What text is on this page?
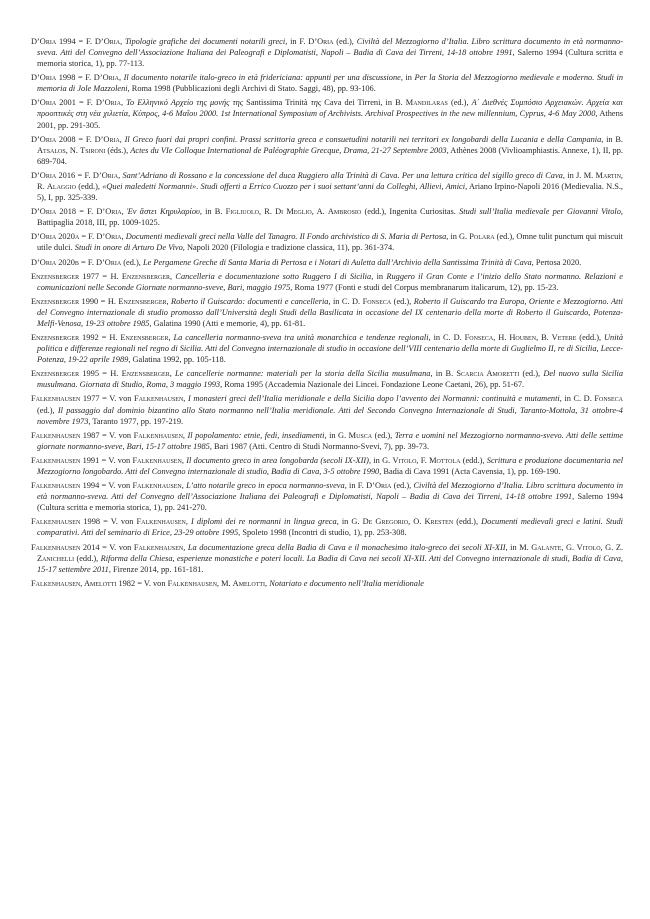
D’Oria 1994 = F. D’Oria, Tipologie grafiche dei documenti notarili greci, in F. D’Oria (ed.), Civiltà del Mezzogiorno d’Italia. Libro scrittura documento in età normanno-sveva. Atti del Convegno dell’Associazione Italiana dei Paleografi e Diplomatisti, Napoli – Badia di Cava dei Tirreni, 14-18 ottobre 1991, Salerno 1994 (Cultura scritta e memoria storica, 1), pp. 77-113.

D’Oria 1998 = F. D’Oria, Il documento notarile italo-greco in età fridericiana: appunti per una discussione, in Per la Storia del Mezzogiorno medievale e moderno. Studi in memoria di Jole Mazzoleni, Roma 1998 (Pubblicazioni degli Archivi di Stato. Saggi, 48), pp. 93-106.

D’Oria 2001 = F. D’Oria, Το Ελληνικό Αρχείο της μονής της Santissima Trinità της Cava dei Tirreni, in B. Mandilaras (ed.), Α΄ Διεθνές Συμπόσιο Αρχειακών. Αρχεία και προοπτικές στη νέα χιλιετία, Κύπρος, 4-6 Μαΐου 2000. 1st International Symposium of Archivists. Archival Prospectives in the new millennium, Cyprus, 4-6 May 2000, Athens 2001, pp. 291-305.

D’Oria 2008 = F. D’Oria, Il Greco fuori dai propri confini. Prassi scrittoria greca e consuetudini notarili nei territori ex longobardi della Lucania e della Campania, in B. Atsalos, N. Tsironi (éds.), Actes du VIe Colloque International de Paléographie Grecque, Drama, 21-27 Septembre 2003, Athènes 2008 (Vivlioamphiastis. Annexe, 1), II, pp. 689-704.

D’Oria 2016 = F. D’Oria, Sant’Adriano di Rossano e la concessione del duca Ruggiero alla Trinità di Cava. Per una lettura critica del sigillo greco di Cava, in J. M. Martin, R. Alaggio (edd.), «Quei maledetti Normanni». Studi offerti a Errico Cuozzo per i suoi settant’anni da Colleghi, Allievi, Amici, Ariano Irpino-Napoli 2016 (Medievalia. N.S., 5), I, pp. 325-339.

D’Oria 2018 = F. D’Oria, Ἐν ἄστει Κηρυλαρίου, in B. Figliuolo, R. Di Meglio, A. Ambrosio (edd.), Ingenita Curiositas. Studi sull’Italia medievale per Giovanni Vitolo, Battipaglia 2018, III, pp. 1009-1025.

D’Oria 2020a = F. D’Oria, Documenti medievali greci nella Valle del Tanagro. Il Fondo archivistico di S. Maria di Pertosa, in G. Polara (ed.), Omne tulit punctum qui miscuit utile dulci. Studi in onore di Arturo De Vivo, Napoli 2020 (Filologia e tradizione classica, 11), pp. 361-374.

D’Oria 2020b = F. D’Oria (ed.), Le Pergamene Greche di Santa Maria di Pertosa e i Notari di Auletta dall’Archivio della Santissima Trinità di Cava, Pertosa 2020.

Enzensberger 1977 = H. Enzensberger, Cancelleria e documentazione sotto Ruggero I di Sicilia, in Ruggero il Gran Conte e l’inizio dello Stato normanno. Relazioni e comunicazioni nelle Seconde Giornate normanno-sveve, Bari, maggio 1975, Roma 1977 (Fonti e studi del Corpus membranarum italicarum, 12), pp. 15-23.

Enzensberger 1990 = H. Enzensberger, Roberto il Guiscardo: documenti e cancelleria, in C. D. Fonseca (ed.), Roberto il Guiscardo tra Europa, Oriente e Mezzogiorno. Atti del Convegno internazionale di studio promosso dall’Università degli Studi della Basilicata in occasione del IX centenario della morte di Roberto il Guiscardo, Potenza-Melfi-Venosa, 19-23 ottobre 1985, Galatina 1990 (Atti e memorie, 4), pp. 61-81.

Enzensberger 1992 = H. Enzensberger, La cancelleria normanno-sveva tra unità monarchica e tendenze regionali, in C. D. Fonseca, H. Houben, B. Vetere (edd.), Unità politica e differenze regionali nel regno di Sicilia. Atti del Convegno internazionale di studio in occasione dell’VIII centenario della morte di Guglielmo II, re di Sicilia, Lecce-Potenza, 19-22 aprile 1989, Galatina 1992, pp. 105-118.

Enzensberger 1995 = H. Enzensberger, Le cancellerie normanne: materiali per la storia della Sicilia musulmana, in B. Scarcia Amoretti (ed.), Del nuovo sulla Sicilia musulmana. Giornata di Studio, Roma, 3 maggio 1993, Roma 1995 (Accademia Nazionale dei Lincei. Fondazione Leone Caetani, 26), pp. 51-67.

Falkenhausen 1977 = V. von Falkenhausen, I monasteri greci dell’Italia meridionale e della Sicilia dopo l’avvento dei Normanni: continuità e mutamenti, in C. D. Fonseca (ed.), Il passaggio dal dominio bizantino allo Stato normanno nell’Italia meridionale. Atti del Secondo Convegno Internazionale di Studi, Taranto-Mottola, 31 ottobre-4 novembre 1973, Taranto 1977, pp. 197-219.

Falkenhausen 1987 = V. von Falkenhausen, Il popolamento: etnie, fedi, insediamenti, in G. Musca (ed.), Terra e uomini nel Mezzogiorno normanno-svevo. Atti delle settime giornate normanno-sveve, Bari, 15-17 ottobre 1985, Bari 1987 (Atti. Centro di Studi Normanno-Svevi, 7), pp. 39-73.

Falkenhausen 1991 = V. von Falkenhausen, Il documento greco in area longobarda (secoli IX-XII), in G. Vitolo, F. Mottola (edd.), Scrittura e produzione documentaria nel Mezzogiorno longobardo. Atti del Convegno internazionale di studio, Badia di Cava, 3-5 ottobre 1990, Badia di Cava 1991 (Acta Cavensia, 1), pp. 169-190.

Falkenhausen 1994 = V. von Falkenhausen, L’atto notarile greco in epoca normanno-sveva, in F. D’Oria (ed.), Civiltà del Mezzogiorno d’Italia. Libro scrittura documento in età normanno-sveva. Atti del Convegno dell’Associazione Italiana dei Paleografi e Diplomatisti, Napoli – Badia di Cava dei Tirreni, 14-18 ottobre 1991, Salerno 1994 (Cultura scritta e memoria storica, 1), pp. 241-270.

Falkenhausen 1998 = V. von Falkenhausen, I diplomi dei re normanni in lingua greca, in G. De Gregorio, O. Kresten (edd.), Documenti medievali greci e latini. Studi comparativi. Atti del seminario di Erice, 23-29 ottobre 1995, Spoleto 1998 (Incontri di studio, 1), pp. 253-308.

Falkenhausen 2014 = V. von Falkenhausen, La documentazione greca della Badia di Cava e il monachesimo italo-greco dei secoli XI-XII, in M. Galante, G. Vitolo, G. Z. Zanichelli (edd.), Riforma della Chiesa, esperienze monastiche e poteri locali. La Badia di Cava nei secoli XI-XII. Atti del Convegno internazionale di studi, Badia di Cava, 15-17 settembre 2011, Firenze 2014, pp. 161-181.

Falkenhausen, Amelotti 1982 = V. von Falkenhausen, M. Amelotti, Notariato e documento nell’Italia meridionale
